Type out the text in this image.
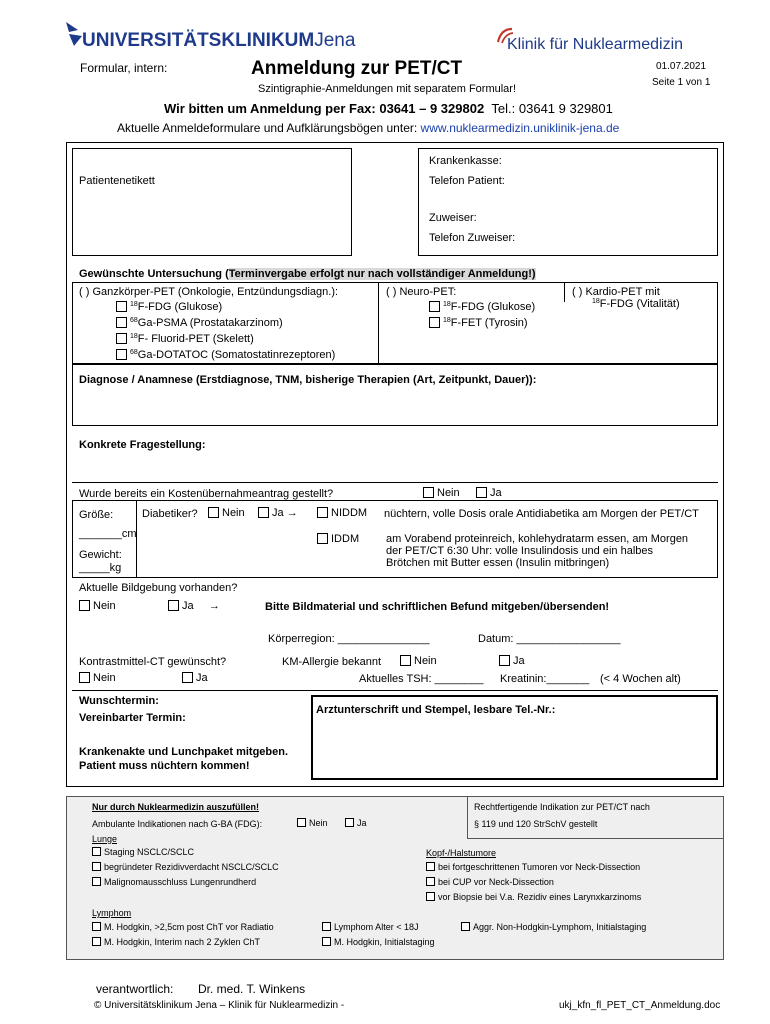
UNIVERSITÄTSKLINIKUMJena	Klinik für Nuklearmedizin
Formular, intern:	Anmeldung zur PET/CT	01.07.2021
Seite 1 von 1
Szintigraphie-Anmeldungen mit separatem Formular!
Wir bitten um Anmeldung per Fax: 03641 – 9 329802 Tel.: 03641 9 329801
Aktuelle Anmeldeformulare und Aufklärungsbögen unter: www.nuklearmedizin.uniklinik-jena.de
Patientenetikett
Krankenkasse:
Telefon Patient:
Zuweiser:
Telefon Zuweiser:
Gewünschte Untersuchung (Terminvergabe erfolgt nur nach vollständiger Anmeldung!)
( ) Ganzkörper-PET (Onkologie, Entzündungsdiagn.):
$^{18}$F-FDG (Glukose)
$^{68}$Ga-PSMA (Prostatakarzinom)
$^{18}$F- Fluorid-PET (Skelett)
$^{68}$Ga-DOTATOC (Somatostatinrezeptoren)
( ) Neuro-PET:
$^{18}$F-FDG (Glukose)
$^{18}$F-FET (Tyrosin)
( ) Kardio-PET mit
$^{18}$F-FDG (Vitalität)
Diagnose / Anamnese (Erstdiagnose, TNM, bisherige Therapien (Art, Zeitpunkt, Dauer)):
Konkrete Fragestellung:
Wurde bereits ein Kostenübernahmeantrag gestellt?	Nein	Ja
Größe:
_______cm
Gewicht:
_____kg
Diabetiker?	Nein	Ja →	NIDDM nüchtern, volle Dosis orale Antidiabetika am Morgen der PET/CT
IDDM am Vorabend proteinreich, kohlehydratarm essen, am Morgen
der PET/CT 6:30 Uhr: volle Insulindosis und ein halbes
Brötchen mit Butter essen (Insulin mitbringen)
Aktuelle Bildgebung vorhanden?
Nein	Ja →	Bitte Bildmaterial und schriftlichen Befund mitgeben/übersenden!
Körperregion: _______________	Datum: _________________
Kontrastmittel-CT gewünscht?
Nein	Ja
KM-Allergie bekannt	Nein	Ja
Aktuelles TSH: ________ Kreatinin:_______ (< 4 Wochen alt)
Wunschtermin:
Vereinbarter Termin:
Krankenakte und Lunchpaket mitgeben.
Patient muss nüchtern kommen!
Arztunterschrift und Stempel, lesbare Tel.-Nr.:
Nur durch Nuklearmedizin auszufüllen!
Ambulante Indikationen nach G-BA (FDG):	Nein	Ja
Rechtfertigende Indikation zur PET/CT nach
§ 119 und 120 StrSchV gestellt
Lunge
Staging NSCLC/SCLC
begründeter Rezidivverdacht NSCLC/SCLC
Malignomausschluss Lungenrundherd
Kopf-/Halstumore
bei fortgeschrittenen Tumoren vor Neck-Dissection
bei CUP vor Neck-Dissection
vor Biopsie bei V.a. Rezidiv eines Larynxkarzinoms
Lymphom
M. Hodgkin, >2,5cm post ChT vor Radiatio
M. Hodgkin, Interim nach 2 Zyklen ChT
Lymphom Alter < 18J
M. Hodgkin, Initialstaging
Aggr. Non-Hodgkin-Lymphom, Initialstaging
verantwortlich: Dr. med. T. Winkens
© Universitätsklinikum Jena – Klinik für Nuklearmedizin -	ukj_kfn_fl_PET_CT_Anmeldung.doc
